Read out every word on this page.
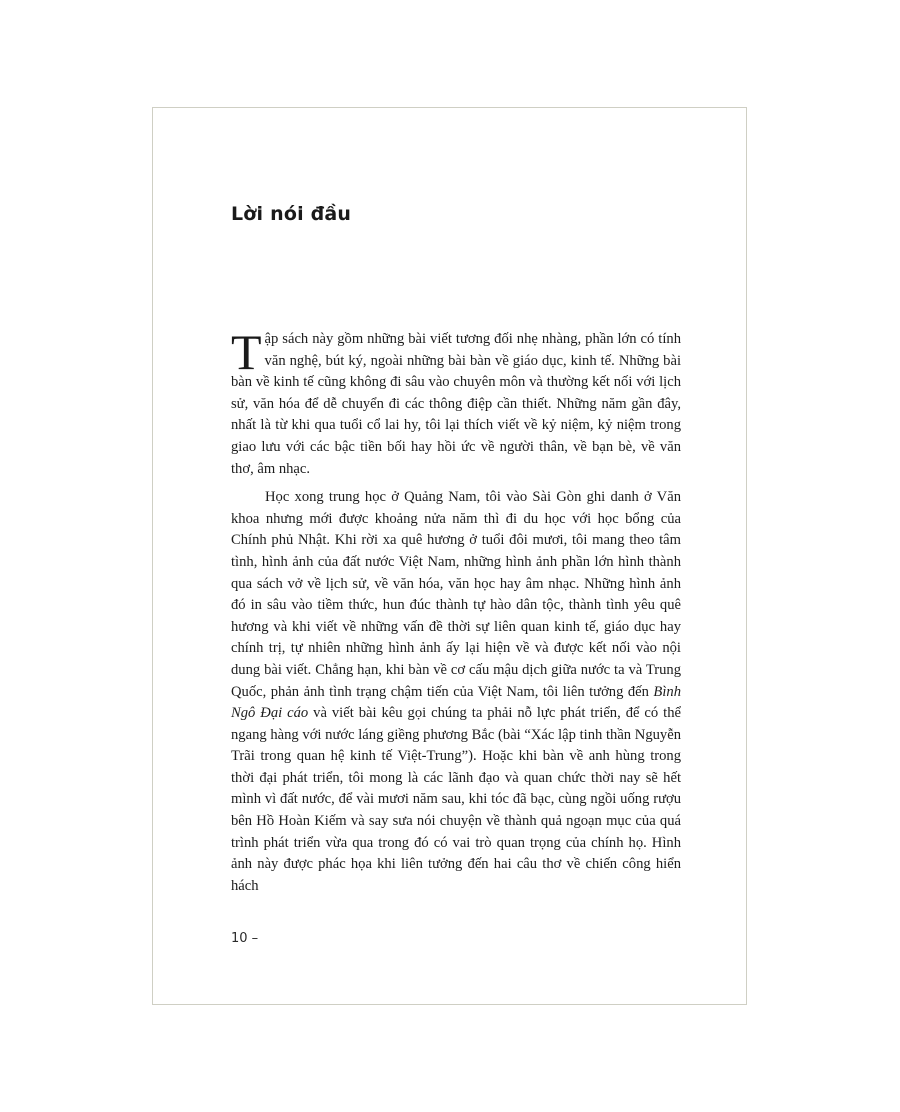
Lời nói đầu

Tập sách này gồm những bài viết tương đối nhẹ nhàng, phần lớn có tính văn nghệ, bút ký, ngoài những bài bàn về giáo dục, kinh tế. Những bài bàn về kinh tế cũng không đi sâu vào chuyên môn và thường kết nối với lịch sử, văn hóa để dễ chuyển đi các thông điệp cần thiết. Những năm gần đây, nhất là từ khi qua tuổi cổ lai hy, tôi lại thích viết về kỷ niệm, kỷ niệm trong giao lưu với các bậc tiền bối hay hồi ức về người thân, về bạn bè, về văn thơ, âm nhạc.

Học xong trung học ở Quảng Nam, tôi vào Sài Gòn ghi danh ở Văn khoa nhưng mới được khoảng nửa năm thì đi du học với học bổng của Chính phủ Nhật. Khi rời xa quê hương ở tuổi đôi mươi, tôi mang theo tâm tình, hình ảnh của đất nước Việt Nam, những hình ảnh phần lớn hình thành qua sách vở về lịch sử, về văn hóa, văn học hay âm nhạc. Những hình ảnh đó in sâu vào tiềm thức, hun đúc thành tự hào dân tộc, thành tình yêu quê hương và khi viết về những vấn đề thời sự liên quan kinh tế, giáo dục hay chính trị, tự nhiên những hình ảnh ấy lại hiện về và được kết nối vào nội dung bài viết. Chẳng hạn, khi bàn về cơ cấu mậu dịch giữa nước ta và Trung Quốc, phản ảnh tình trạng chậm tiến của Việt Nam, tôi liên tưởng đến Bình Ngô Đại cáo và viết bài kêu gọi chúng ta phải nỗ lực phát triển, để có thể ngang hàng với nước láng giềng phương Bắc (bài “Xác lập tinh thần Nguyễn Trãi trong quan hệ kinh tế Việt-Trung”). Hoặc khi bàn về anh hùng trong thời đại phát triển, tôi mong là các lãnh đạo và quan chức thời nay sẽ hết mình vì đất nước, để vài mươi năm sau, khi tóc đã bạc, cùng ngồi uống rượu bên Hồ Hoàn Kiếm và say sưa nói chuyện về thành quả ngoạn mục của quá trình phát triển vừa qua trong đó có vai trò quan trọng của chính họ. Hình ảnh này được phác họa khi liên tưởng đến hai câu thơ về chiến công hiển hách

10 –
